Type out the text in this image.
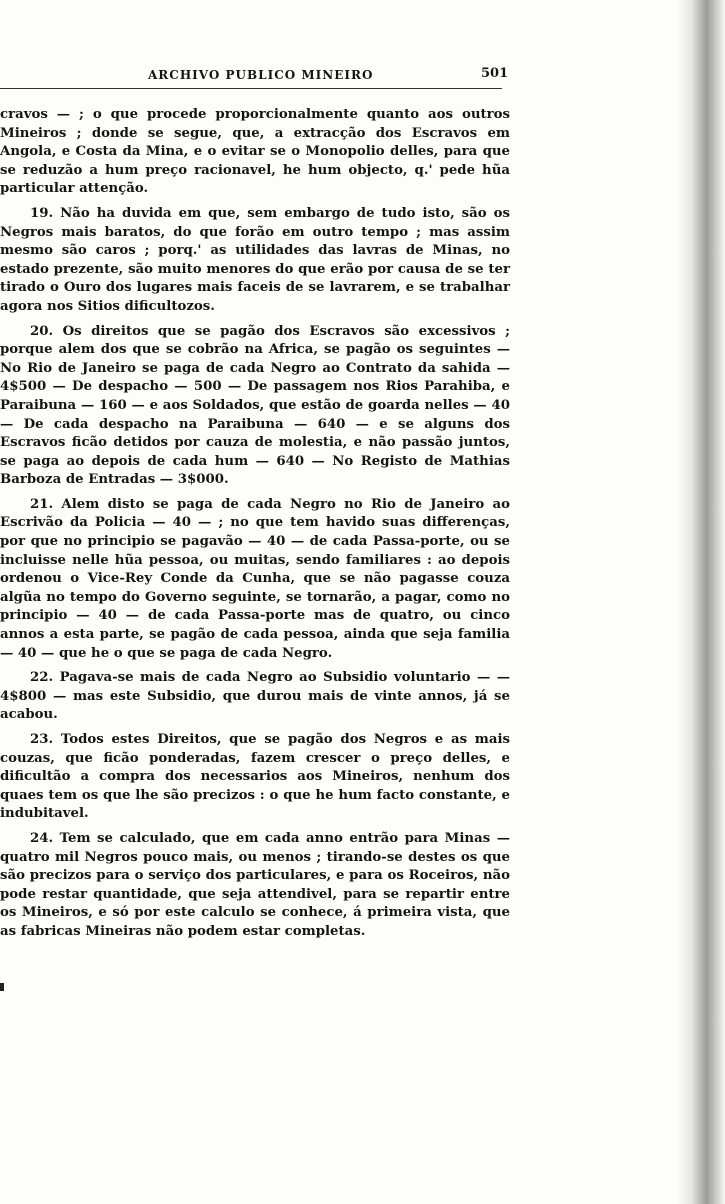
ARCHIVO PUBLICO MINEIRO	501

cravos — ; o que procede proporcionalmente quanto aos outros Mineiros ; donde se segue, que, a extracção dos Escravos em Angola, e Costa da Mina, e o evitar se o Monopolio delles, para que se reduzão a hum preço racionavel, he hum objecto, q.' pede hũa particular attenção.

19. Não ha duvida em que, sem embargo de tudo isto, são os Negros mais baratos, do que forão em outro tempo ; mas assim mesmo são caros ; porq.' as utilidades das lavras de Minas, no estado prezente, são muito menores do que erão por causa de se ter tirado o Ouro dos lugares mais faceis de se lavrarem, e se trabalhar agora nos Sitios dificultozos.

20. Os direitos que se pagão dos Escravos são excessivos ; porque alem dos que se cobrão na Africa, se pagão os seguintes — No Rio de Janeiro se paga de cada Negro ao Contrato da sahida — 4$500 — De despacho — 500 — De passagem nos Rios Parahiba, e Paraibuna — 160 — e aos Soldados, que estão de goarda nelles — 40 — De cada despacho na Paraibuna — 640 — e se alguns dos Escravos ficão detidos por cauza de molestia, e não passão juntos, se paga ao depois de cada hum — 640 — No Registo de Mathias Barboza de Entradas — 3$000.

21. Alem disto se paga de cada Negro no Rio de Janeiro ao Escrivão da Policia — 40 — ; no que tem havido suas differenças, por que no principio se pagavão — 40 — de cada Passa-porte, ou se incluisse nelle hũa pessoa, ou muitas, sendo familiares : ao depois ordenou o Vice-Rey Conde da Cunha, que se não pagasse couza algũa no tempo do Governo seguinte, se tornarão, a pagar, como no principio — 40 — de cada Passa-porte mas de quatro, ou cinco annos a esta parte, se pagão de cada pessoa, ainda que seja familia — 40 — que he o que se paga de cada Negro.

22. Pagava-se mais de cada Negro ao Subsidio voluntario — — 4$800 — mas este Subsidio, que durou mais de vinte annos, já se acabou.

23. Todos estes Direitos, que se pagão dos Negros e as mais couzas, que ficão ponderadas, fazem crescer o preço delles, e dificultão a compra dos necessarios aos Mineiros, nenhum dos quaes tem os que lhe são precizos : o que he hum facto constante, e indubitavel.

24. Tem se calculado, que em cada anno entrão para Minas — quatro mil Negros pouco mais, ou menos ; tirando-se destes os que são precizos para o serviço dos particulares, e para os Roceiros, não pode restar quantidade, que seja attendivel, para se repartir entre os Mineiros, e só por este calculo se conhece, á primeira vista, que as fabricas Mineiras não podem estar completas.
